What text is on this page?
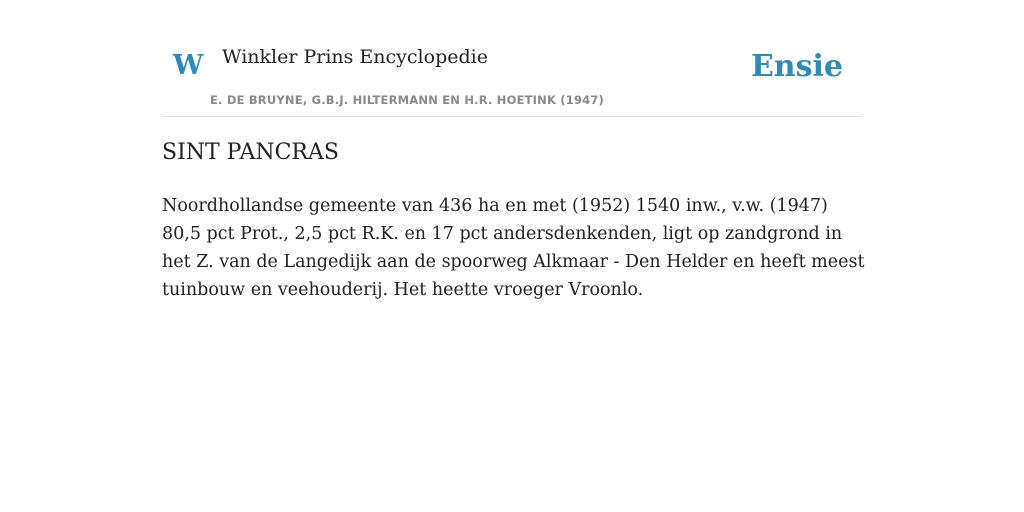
W Winkler Prins Encyclopedie
E. DE BRUYNE, G.B.J. HILTERMANN EN H.R. HOETINK (1947)
Ensie
SINT PANCRAS

Noordhollandse gemeente van 436 ha en met (1952) 1540 inw., v.w. (1947) 80,5 pct Prot., 2,5 pct R.K. en 17 pct andersdenkenden, ligt op zandgrond in het Z. van de Langedijk aan de spoorweg Alkmaar - Den Helder en heeft meest tuinbouw en veehouderij. Het heette vroeger Vroonlo.
